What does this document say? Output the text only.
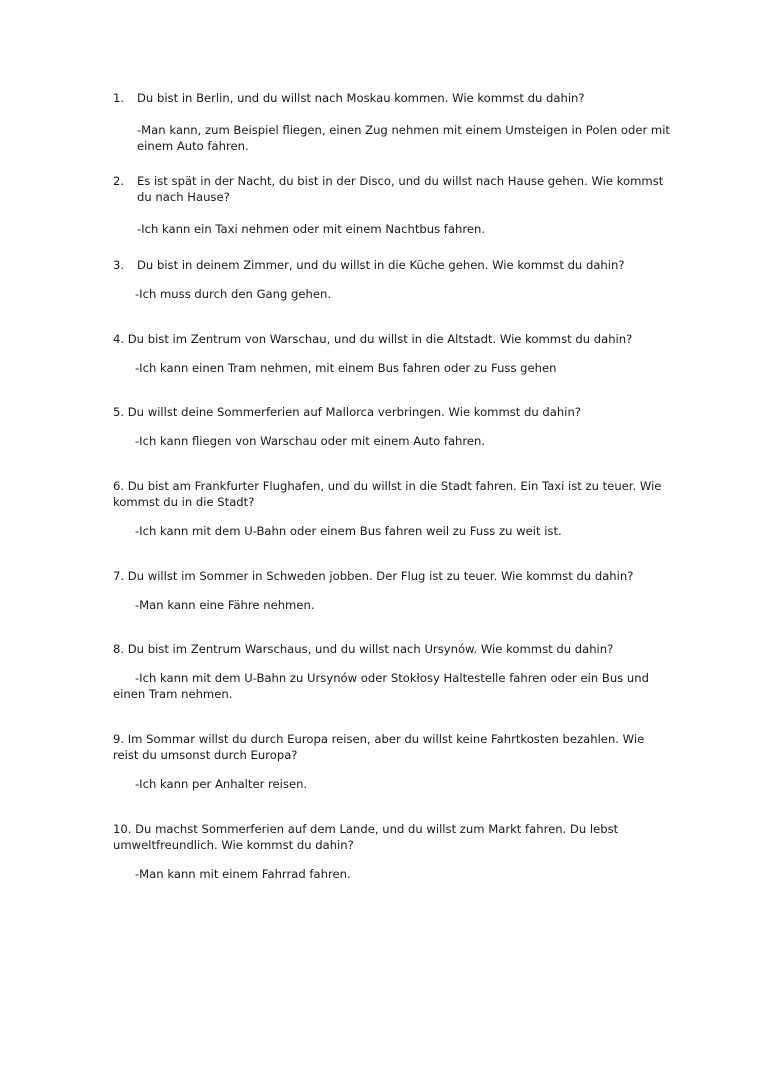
1. Du bist in Berlin, und du willst nach Moskau kommen. Wie kommst du dahin?
-Man kann, zum Beispiel fliegen, einen Zug nehmen mit einem Umsteigen in Polen oder mit
einem Auto fahren.
2. Es ist spät in der Nacht, du bist in der Disco, und du willst nach Hause gehen. Wie kommst
du nach Hause?
-Ich kann ein Taxi nehmen oder mit einem Nachtbus fahren.
3. Du bist in deinem Zimmer, und du willst in die Küche gehen. Wie kommst du dahin?
-Ich muss durch den Gang gehen.
4. Du bist im Zentrum von Warschau, und du willst in die Altstadt. Wie kommst du dahin?
-Ich kann einen Tram nehmen, mit einem Bus fahren oder zu Fuss gehen
5. Du willst deine Sommerferien auf Mallorca verbringen. Wie kommst du dahin?
-Ich kann fliegen von Warschau oder mit einem Auto fahren.
6. Du bist am Frankfurter Flughafen, und du willst in die Stadt fahren. Ein Taxi ist zu teuer. Wie
kommst du in die Stadt?
-Ich kann mit dem U-Bahn oder einem Bus fahren weil zu Fuss zu weit ist.
7. Du willst im Sommer in Schweden jobben. Der Flug ist zu teuer. Wie kommst du dahin?
-Man kann eine Fähre nehmen.
8. Du bist im Zentrum Warschaus, und du willst nach Ursynów. Wie kommst du dahin?
-Ich kann mit dem U-Bahn zu Ursynów oder Stokłosy Haltestelle fahren oder ein Bus und
einen Tram nehmen.
9. Im Sommar willst du durch Europa reisen, aber du willst keine Fahrtkosten bezahlen. Wie
reist du umsonst durch Europa?
-Ich kann per Anhalter reisen.
10. Du machst Sommerferien auf dem Lande, und du willst zum Markt fahren. Du lebst
umweltfreundlich. Wie kommst du dahin?
-Man kann mit einem Fahrrad fahren.
